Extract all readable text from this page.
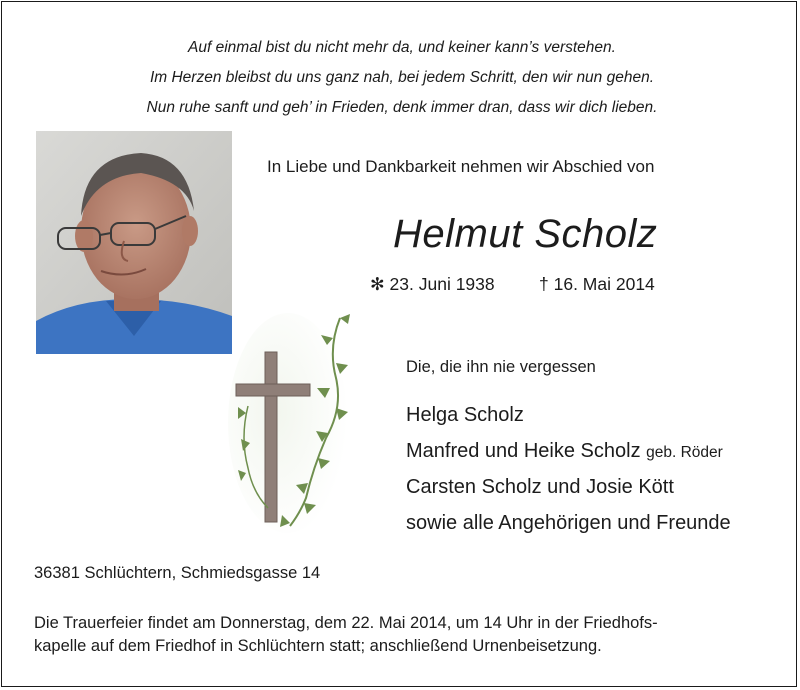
Auf einmal bist du nicht mehr da, und keiner kann’s verstehen.
Im Herzen bleibst du uns ganz nah, bei jedem Schritt, den wir nun gehen.
Nun ruhe sanft und geh’ in Frieden, denk immer dran, dass wir dich lieben.
In Liebe und Dankbarkeit nehmen wir Abschied von
Helmut Scholz
✻ 23. Juni 1938	† 16. Mai 2014
Die, die ihn nie vergessen
Helga Scholz
Manfred und Heike Scholz geb. Röder
Carsten Scholz und Josie Kött
sowie alle Angehörigen und Freunde
36381 Schlüchtern, Schmiedsgasse 14
Die Trauerfeier findet am Donnerstag, dem 22. Mai 2014, um 14 Uhr in der Friedhofs-
kapelle auf dem Friedhof in Schlüchtern statt; anschließend Urnenbeisetzung.
